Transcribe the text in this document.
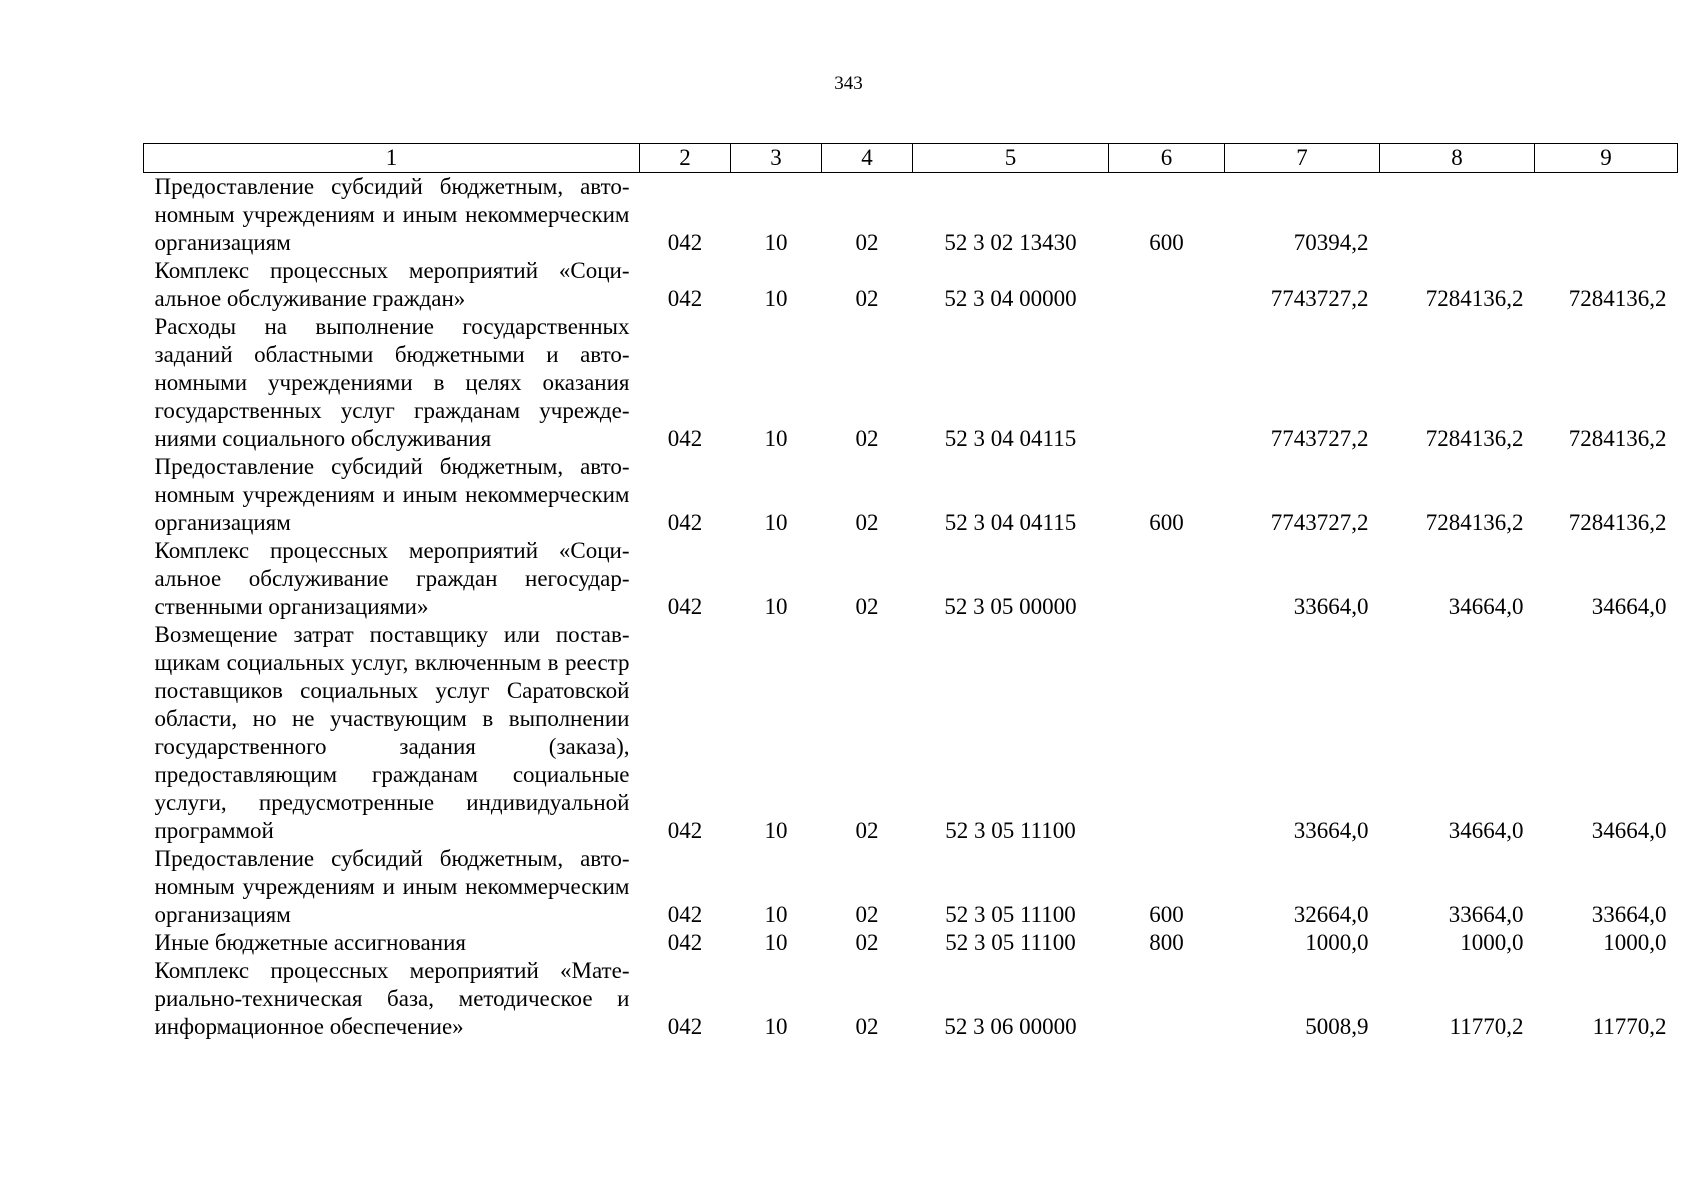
343
1	2	3	4	5	6	7	8	9
Предоставление субсидий бюджетным, автономным учреждениям и иным некоммерческим организациям	042	10	02	52 3 02 13430	600	70394,2		
Комплекс процессных мероприятий «Социальное обслуживание граждан»	042	10	02	52 3 04 00000		7743727,2	7284136,2	7284136,2
Расходы на выполнение государственных заданий областными бюджетными и автономными учреждениями в целях оказания государственных услуг гражданам учреждениями социального обслуживания	042	10	02	52 3 04 04115		7743727,2	7284136,2	7284136,2
Предоставление субсидий бюджетным, автономным учреждениям и иным некоммерческим организациям	042	10	02	52 3 04 04115	600	7743727,2	7284136,2	7284136,2
Комплекс процессных мероприятий «Социальное обслуживание граждан негосударственными организациями»	042	10	02	52 3 05 00000		33664,0	34664,0	34664,0
Возмещение затрат поставщику или поставщикам социальных услуг, включенным в реестр поставщиков социальных услуг Саратовской области, но не участвующим в выполнении государственного задания (заказа), предоставляющим гражданам социальные услуги, предусмотренные индивидуальной программой	042	10	02	52 3 05 11100		33664,0	34664,0	34664,0
Предоставление субсидий бюджетным, автономным учреждениям и иным некоммерческим организациям	042	10	02	52 3 05 11100	600	32664,0	33664,0	33664,0
Иные бюджетные ассигнования	042	10	02	52 3 05 11100	800	1000,0	1000,0	1000,0
Комплекс процессных мероприятий «Материально-техническая база, методическое и информационное обеспечение»	042	10	02	52 3 06 00000		5008,9	11770,2	11770,2
